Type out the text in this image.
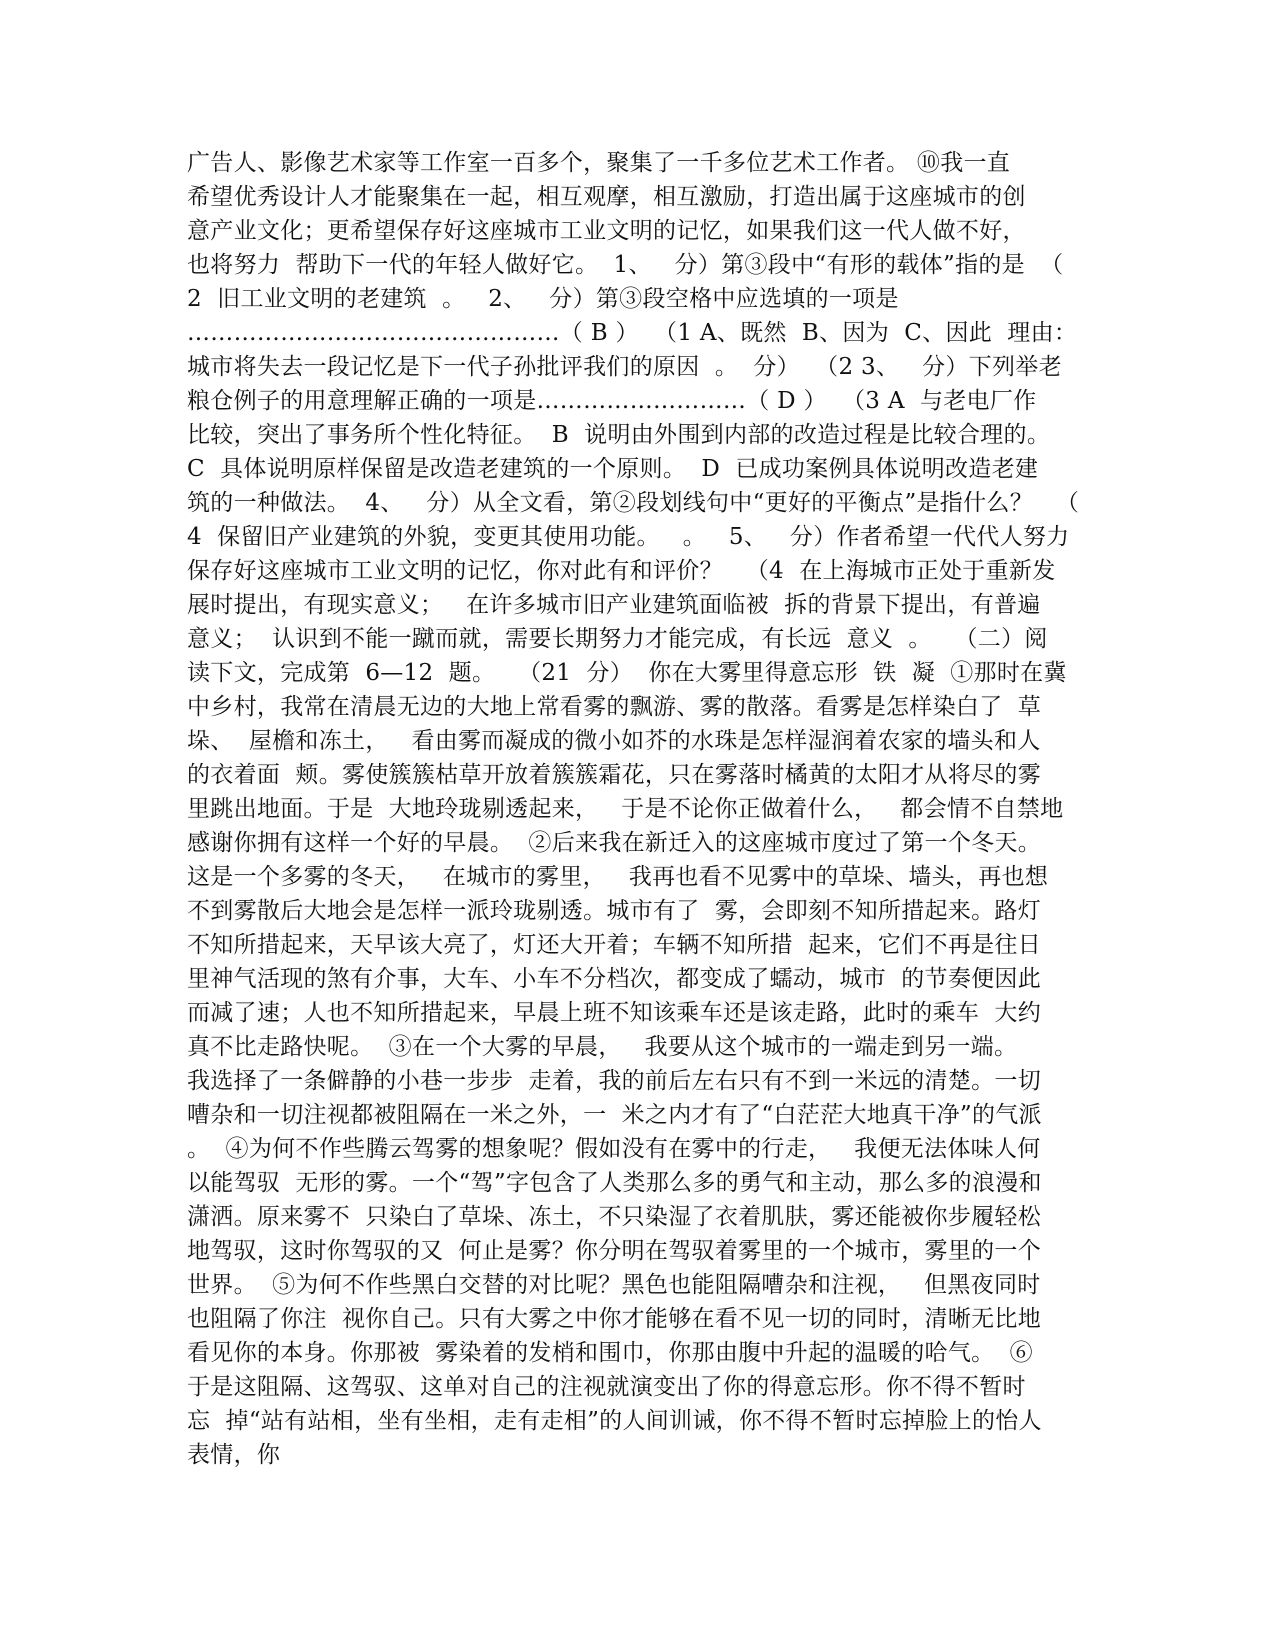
广告人、影像艺术家等工作室一百多个，聚集了一千多位艺术工作者。 ⑩我一直
希望优秀设计人才能聚集在一起，相互观摩，相互激励，打造出属于这座城市的创
意产业文化；更希望保存好这座城市工业文明的记忆，如果我们这一代人做不好，
也将努力  帮助下一代的年轻人做好它。  1、   分）第③段中“有形的载体”指的是  （
2  旧工业文明的老建筑  。   2、   分）第③段空格中应选填的一项是
…………………………………………（ B ）  （1 A、既然  B、因为  C、因此  理由：
城市将失去一段记忆是下一代子孙批评我们的原因  。  分）  （2 3、   分）下列举老
粮仓例子的用意理解正确的一项是………………………（ D ）  （3 A  与老电厂作
比较，突出了事务所个性化特征。  B  说明由外围到内部的改造过程是比较合理的。
C  具体说明原样保留是改造老建筑的一个原则。  D  已成功案例具体说明改造老建
筑的一种做法。  4、   分）从全文看，第②段划线句中“更好的平衡点”是指什么？   （
4  保留旧产业建筑的外貌，变更其使用功能。   。   5、   分）作者希望一代代人努力
保存好这座城市工业文明的记忆，你对此有和评价？   （4  在上海城市正处于重新发
展时提出，有现实意义；   在许多城市旧产业建筑面临被  拆的背景下提出，有普遍
意义；  认识到不能一蹴而就，需要长期努力才能完成，有长远  意义  。   （二）阅
读下文，完成第  6—12  题。   （21  分）  你在大雾里得意忘形  铁  凝  ①那时在冀
中乡村，我常在清晨无边的大地上常看雾的飘游、雾的散落。看雾是怎样染白了  草
垛、  屋檐和冻土，   看由雾而凝成的微小如芥的水珠是怎样湿润着农家的墙头和人
的衣着面  颊。雾使簇簇枯草开放着簇簇霜花，只在雾落时橘黄的太阳才从将尽的雾
里跳出地面。于是  大地玲珑剔透起来，   于是不论你正做着什么，   都会情不自禁地
感谢你拥有这样一个好的早晨。  ②后来我在新迁入的这座城市度过了第一个冬天。
这是一个多雾的冬天，   在城市的雾里，   我再也看不见雾中的草垛、墙头，再也想
不到雾散后大地会是怎样一派玲珑剔透。城市有了  雾，会即刻不知所措起来。路灯
不知所措起来，天早该大亮了，灯还大开着；车辆不知所措  起来，它们不再是往日
里神气活现的煞有介事，大车、小车不分档次，都变成了蠕动，城市  的节奏便因此
而减了速；人也不知所措起来，早晨上班不知该乘车还是该走路，此时的乘车  大约
真不比走路快呢。  ③在一个大雾的早晨，   我要从这个城市的一端走到另一端。
我选择了一条僻静的小巷一步步  走着，我的前后左右只有不到一米远的清楚。一切
嘈杂和一切注视都被阻隔在一米之外，一  米之内才有了“白茫茫大地真干净”的气派
。  ④为何不作些腾云驾雾的想象呢？假如没有在雾中的行走，   我便无法体味人何
以能驾驭  无形的雾。一个“驾”字包含了人类那么多的勇气和主动，那么多的浪漫和
潇洒。原来雾不  只染白了草垛、冻土，不只染湿了衣着肌肤，雾还能被你步履轻松
地驾驭，这时你驾驭的又  何止是雾？你分明在驾驭着雾里的一个城市，雾里的一个
世界。  ⑤为何不作些黑白交替的对比呢？黑色也能阻隔嘈杂和注视，   但黑夜同时
也阻隔了你注  视你自己。只有大雾之中你才能够在看不见一切的同时，清晰无比地
看见你的本身。你那被  雾染着的发梢和围巾，你那由腹中升起的温暖的哈气。  ⑥
于是这阻隔、这驾驭、这单对自己的注视就演变出了你的得意忘形。你不得不暂时
忘  掉“站有站相，坐有坐相，走有走相”的人间训诫，你不得不暂时忘掉脸上的怡人
表情，你
